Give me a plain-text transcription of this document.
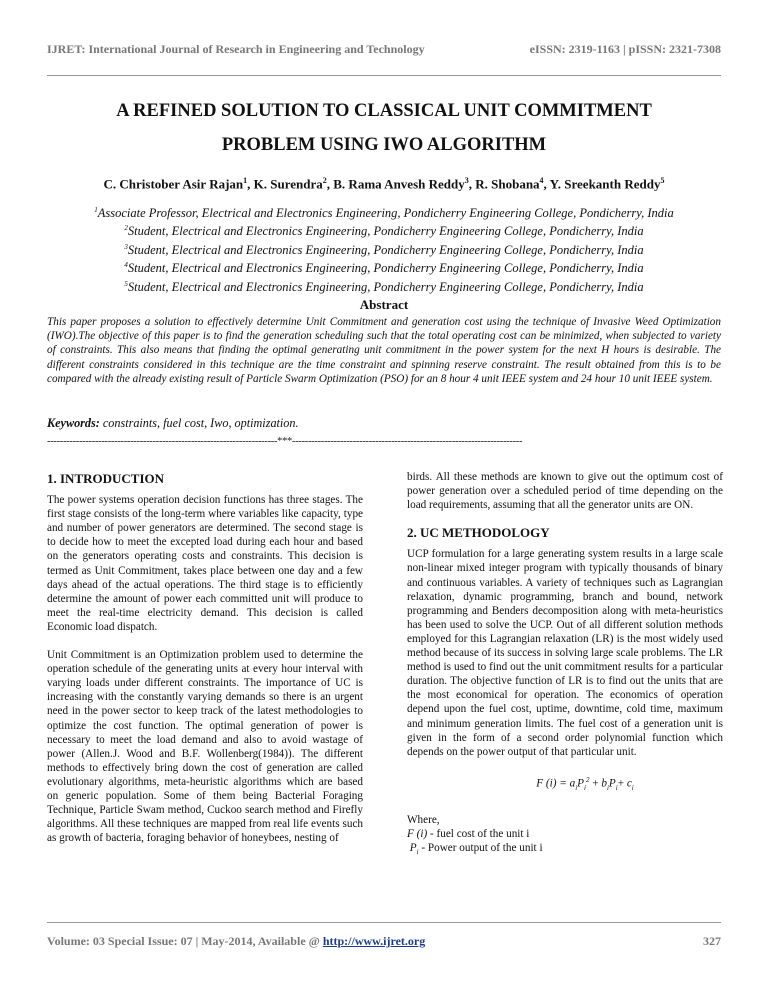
IJRET: International Journal of Research in Engineering and Technology	eISSN: 2319-1163 | pISSN: 2321-7308
A REFINED SOLUTION TO CLASSICAL UNIT COMMITMENT
PROBLEM USING IWO ALGORITHM
C. Christober Asir Rajan$^1$, K. Surendra$^2$, B. Rama Anvesh Reddy$^3$, R. Shobana$^4$, Y. Sreekanth Reddy$^5$
$^1$Associate Professor, Electrical and Electronics Engineering, Pondicherry Engineering College, Pondicherry, India
$^2$Student, Electrical and Electronics Engineering, Pondicherry Engineering College, Pondicherry, India
$^3$Student, Electrical and Electronics Engineering, Pondicherry Engineering College, Pondicherry, India
$^4$Student, Electrical and Electronics Engineering, Pondicherry Engineering College, Pondicherry, India
$^5$Student, Electrical and Electronics Engineering, Pondicherry Engineering College, Pondicherry, India
Abstract
This paper proposes a solution to effectively determine Unit Commitment and generation cost using the technique of Invasive Weed Optimization (IWO).The objective of this paper is to find the generation scheduling such that the total operating cost can be minimized, when subjected to variety of constraints. This also means that finding the optimal generating unit commitment in the power system for the next H hours is desirable. The different constraints considered in this technique are the time constraint and spinning reserve constraint. The result obtained from this is to be compared with the already existing result of Particle Swarm Optimization (PSO) for an 8 hour 4 unit IEEE system and 24 hour 10 unit IEEE system.
Keywords: constraints, fuel cost, Iwo, optimization.
------------------------------------------------------------------------***------------------------------------------------------------------------
1. INTRODUCTION

The power systems operation decision functions has three stages. The first stage consists of the long-term where variables like capacity, type and number of power generators are determined. The second stage is to decide how to meet the excepted load during each hour and based on the generators operating costs and constraints. This decision is termed as Unit Commitment, takes place between one day and a few days ahead of the actual operations. The third stage is to efficiently determine the amount of power each committed unit will produce to meet the real-time electricity demand. This decision is called Economic load dispatch.

Unit Commitment is an Optimization problem used to determine the operation schedule of the generating units at every hour interval with varying loads under different constraints. The importance of UC is increasing with the constantly varying demands so there is an urgent need in the power sector to keep track of the latest methodologies to optimize the cost function. The optimal generation of power is necessary to meet the load demand and also to avoid wastage of power (Allen.J. Wood and B.F. Wollenberg(1984)). The different methods to effectively bring down the cost of generation are called evolutionary algorithms, meta-heuristic algorithms which are based on generic population. Some of them being Bacterial Foraging Technique, Particle Swam method, Cuckoo search method and Firefly algorithms. All these techniques are mapped from real life events such as growth of bacteria, foraging behavior of honeybees, nesting of

birds. All these methods are known to give out the optimum cost of power generation over a scheduled period of time depending on the load requirements, assuming that all the generator units are ON.

2. UC METHODOLOGY

UCP formulation for a large generating system results in a large scale non-linear mixed integer program with typically thousands of binary and continuous variables. A variety of techniques such as Lagrangian relaxation, dynamic programming, branch and bound, network programming and Benders decomposition along with meta-heuristics has been used to solve the UCP. Out of all different solution methods employed for this Lagrangian relaxation (LR) is the most widely used method because of its success in solving large scale problems. The LR method is used to find out the unit commitment results for a particular duration. The objective function of LR is to find out the units that are the most economical for operation. The economics of operation depend upon the fuel cost, uptime, downtime, cold time, maximum and minimum generation limits. The fuel cost of a generation unit is given in the form of a second order polynomial function which depends on the power output of that particular unit.

F $(i) = a_iP_i^2 + b_iP_i+ c_i$

Where,

F (i) - fuel cost of the unit i

$P_i$ - Power output of the unit i

Volume: 03 Special Issue: 07 | May-2014, Available @ http://www.ijret.org	327
